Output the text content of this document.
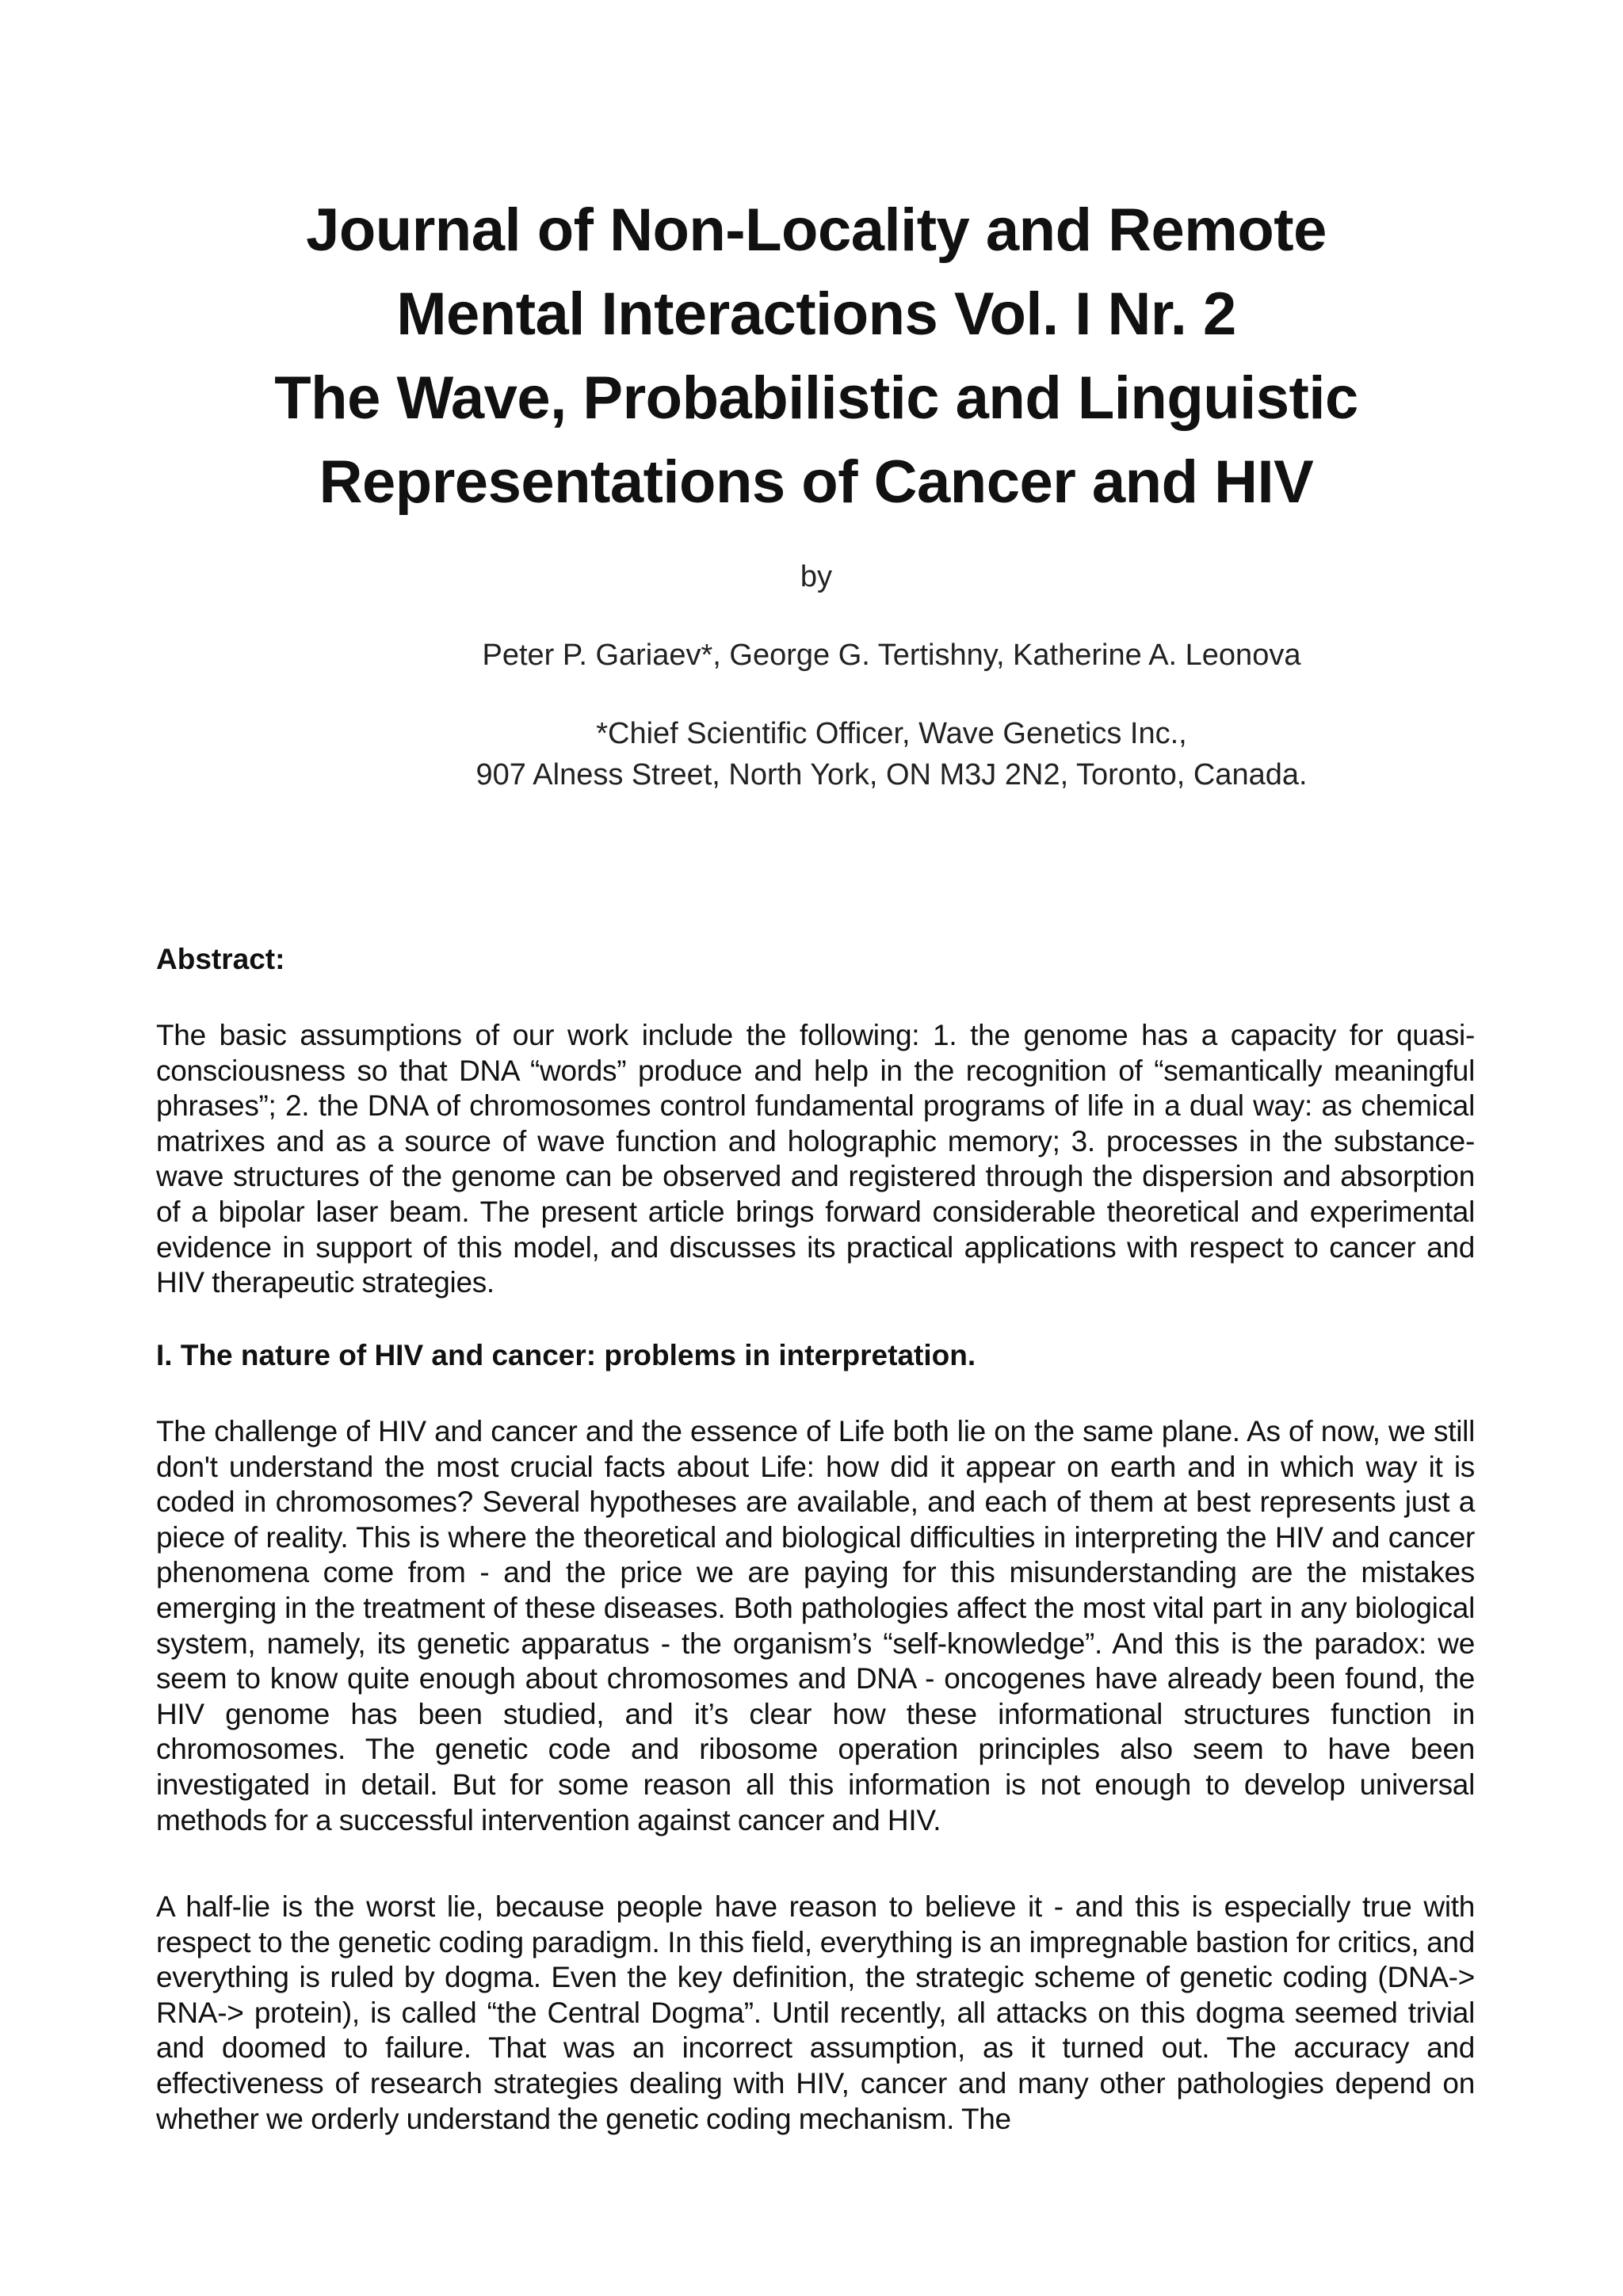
Journal of Non-Locality and Remote
Mental Interactions Vol. I Nr. 2
The Wave, Probabilistic and Linguistic
Representations of Cancer and HIV
by
Peter P. Gariaev*, George G. Tertishny, Katherine A. Leonova
*Chief Scientific Officer, Wave Genetics Inc.,
907 Alness Street, North York, ON M3J 2N2, Toronto, Canada.
Abstract:
The basic assumptions of our work include the following: 1. the genome has a capacity for quasi-consciousness so that DNA “words” produce and help in the recognition of “semantically meaningful phrases”; 2. the DNA of chromosomes control fundamental programs of life in a dual way: as chemical matrixes and as a source of wave function and holographic memory; 3. processes in the substance-wave structures of the genome can be observed and registered through the dispersion and absorption of a bipolar laser beam. The present article brings forward considerable theoretical and experimental evidence in support of this model, and discusses its practical applications with respect to cancer and HIV therapeutic strategies.
I. The nature of HIV and cancer: problems in interpretation.
The challenge of HIV and cancer and the essence of Life both lie on the same plane. As of now, we still don't understand the most crucial facts about Life: how did it appear on earth and in which way it is coded in chromosomes? Several hypotheses are available, and each of them at best represents just a piece of reality. This is where the theoretical and biological difficulties in interpreting the HIV and cancer phenomena come from - and the price we are paying for this misunderstanding are the mistakes emerging in the treatment of these diseases. Both pathologies affect the most vital part in any biological system, namely, its genetic apparatus - the organism’s “self-knowledge”. And this is the paradox: we seem to know quite enough about chromosomes and DNA - oncogenes have already been found, the HIV genome has been studied, and it’s clear how these informational structures function in chromosomes. The genetic code and ribosome operation principles also seem to have been investigated in detail. But for some reason all this information is not enough to develop universal methods for a successful intervention against cancer and HIV.
A half-lie is the worst lie, because people have reason to believe it - and this is especially true with respect to the genetic coding paradigm. In this field, everything is an impregnable bastion for critics, and everything is ruled by dogma. Even the key definition, the strategic scheme of genetic coding (DNA-> RNA-> protein), is called “the Central Dogma”. Until recently, all attacks on this dogma seemed trivial and doomed to failure. That was an incorrect assumption, as it turned out. The accuracy and effectiveness of research strategies dealing with HIV, cancer and many other pathologies depend on whether we orderly understand the genetic coding mechanism. The
